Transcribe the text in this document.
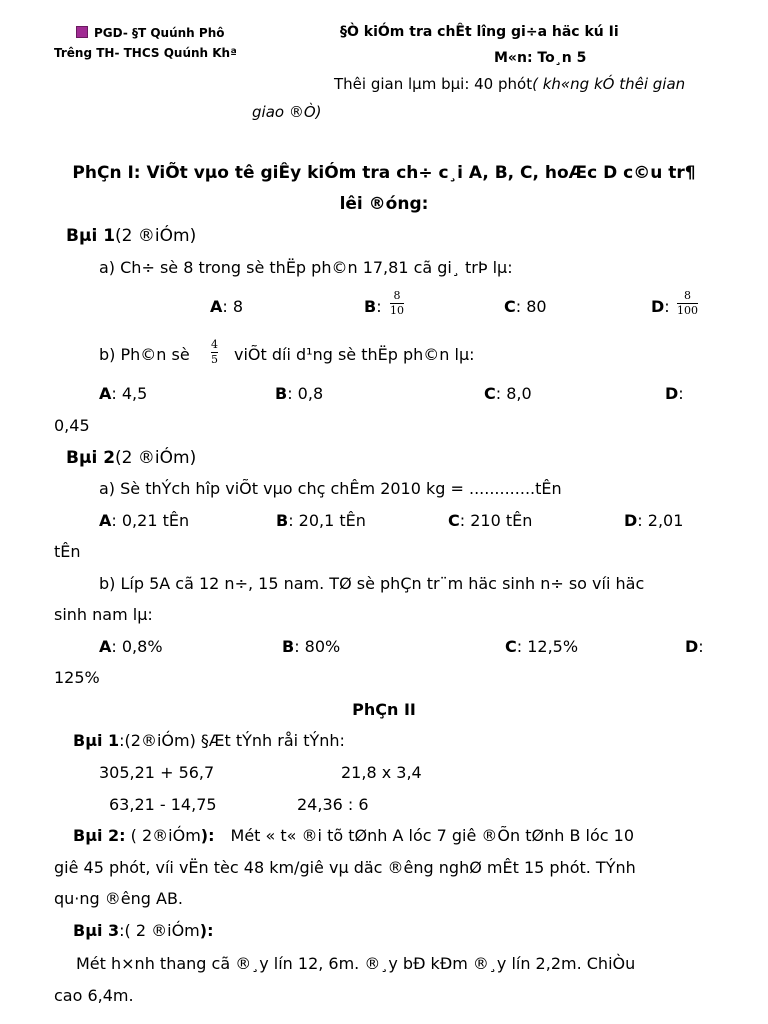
PGD- §T Quúnh Phô
Trêng TH- THCS Quúnh Khª
§Ò kiÓm tra chÊt lîng gi÷a häc kú Ii
M«n: To¸n 5
Thêi gian lµm bµi: 40 phót( kh«ng kÓ thêi gian
giao ®Ò)
PhÇn I: ViÕt vµo tê giÊy kiÓm tra ch÷ c¸i A, B, C, hoÆc D c©u tr¶
lêi ®óng:
Bµi 1(2 ®iÓm)
a) Ch÷ sè 8 trong sè thËp ph©n 17,81 cã gi¸ trÞ lµ:
A: 8	B:
8
10	C: 80	D:
8
100
b) Ph©n sè
4
5 viÕt díi d¹ng sè thËp ph©n lµ:
A: 4,5	B: 0,8	C: 8,0	D:
0,45
Bµi 2(2 ®iÓm)
a) Sè thÝch hîp viÕt vµo chç chÊm 2010 kg = .............tÊn
A: 0,21 tÊn	B: 20,1 tÊn	C: 210 tÊn	D: 2,01
tÊn
b) Líp 5A cã 12 n÷, 15 nam. TØ sè phÇn tr¨m häc sinh n÷ so víi häc
sinh nam lµ:
A: 0,8%	B: 80%	C: 12,5%	D:
125%
PhÇn II
Bµi 1:(2®iÓm) §Æt tÝnh råi tÝnh:
305,21 + 56,7	21,8 x 3,4
63,21 - 14,75	24,36 : 6
Bµi 2: ( 2®iÓm): Mét « t« ®i tõ tØnh A lóc 7 giê ®Õn tØnh B lóc 10
giê 45 phót, víi vËn tèc 48 km/giê vµ däc ®êng nghØ mÊt 15 phót. TÝnh
qu·ng ®êng AB.
Bµi 3:( 2 ®iÓm):
Mét h×nh thang cã ®¸y lín 12, 6m. ®¸y bÐ kÐm ®¸y lín 2,2m. ChiÒu
cao 6,4m.
